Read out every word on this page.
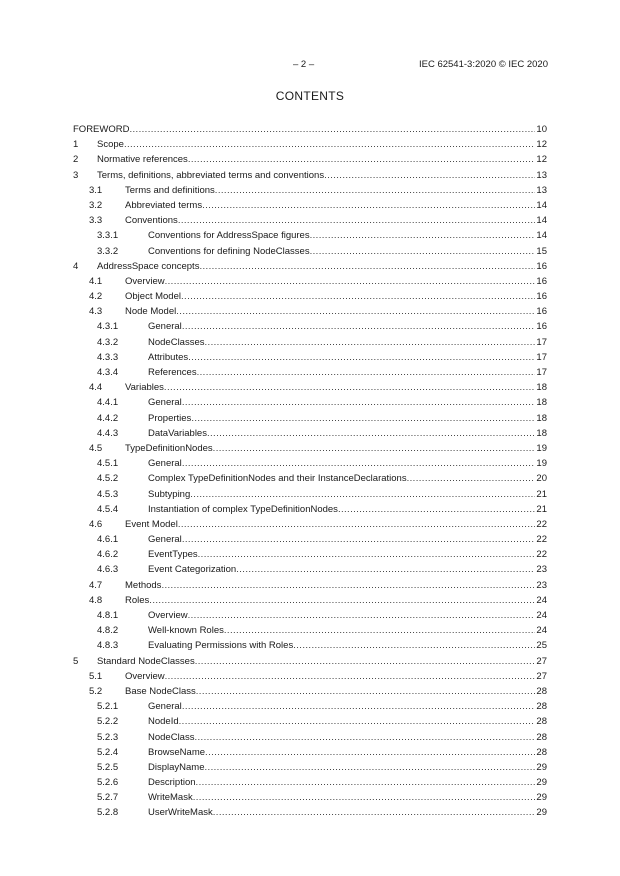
– 2 –	IEC 62541-3:2020 © IEC 2020
CONTENTS
FOREWORD .....	10
1 Scope .....	12
2 Normative references .....	12
3 Terms, definitions, abbreviated terms and conventions .....	13
3.1 Terms and definitions .....	13
3.2 Abbreviated terms .....	14
3.3 Conventions .....	14
3.3.1	Conventions for AddressSpace figures .....	14
3.3.2	Conventions for defining NodeClasses .....	15
4 AddressSpace concepts .....	16
4.1 Overview .....	16
4.2 Object Model .....	16
4.3 Node Model .....	16
4.3.1	General .....	16
4.3.2	NodeClasses .....	17
4.3.3	Attributes .....	17
4.3.4	References .....	17
4.4 Variables .....	18
4.4.1	General .....	18
4.4.2	Properties .....	18
4.4.3	DataVariables .....	18
4.5 TypeDefinitionNodes .....	19
4.5.1	General .....	19
4.5.2	Complex TypeDefinitionNodes and their InstanceDeclarations .....	20
4.5.3	Subtyping .....	21
4.5.4	Instantiation of complex TypeDefinitionNodes .....	21
4.6 Event Model .....	22
4.6.1	General .....	22
4.6.2	EventTypes .....	22
4.6.3	Event Categorization .....	23
4.7 Methods .....	23
4.8 Roles .....	24
4.8.1	Overview .....	24
4.8.2	Well-known Roles .....	24
4.8.3	Evaluating Permissions with Roles .....	25
5 Standard NodeClasses .....	27
5.1 Overview .....	27
5.2 Base NodeClass .....	28
5.2.1	General .....	28
5.2.2	NodeId .....	28
5.2.3	NodeClass .....	28
5.2.4	BrowseName .....	28
5.2.5	DisplayName .....	29
5.2.6	Description .....	29
5.2.7	WriteMask .....	29
5.2.8	UserWriteMask .....	29
